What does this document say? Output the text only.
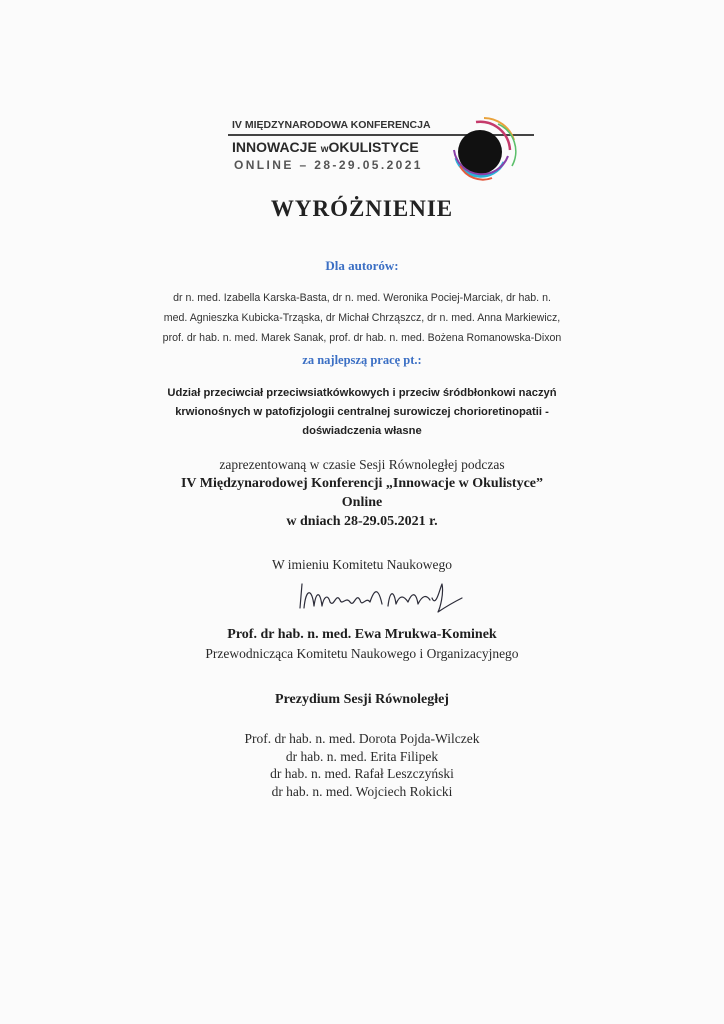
IV MIĘDZYNARODOWA KONFERENCJA
INNOWACJE wOKULISTYCE
ONLINE – 28-29.05.2021
WYRÓŻNIENIE
Dla autorów:
dr n. med. Izabella Karska-Basta, dr n. med. Weronika Pociej-Marciak, dr hab. n.
med. Agnieszka Kubicka-Trząska, dr Michał Chrząszcz, dr n. med. Anna Markiewicz,
prof. dr hab. n. med. Marek Sanak, prof. dr hab. n. med. Bożena Romanowska-Dixon
za najlepszą pracę pt.:
Udział przeciwciał przeciwsiatkówkowych i przeciw śródbłonkowi naczyń
krwionośnych w patofizjologii centralnej surowiczej chorioretinopatii -
doświadczenia własne
zaprezentowaną w czasie Sesji Równoległej podczas
IV Międzynarodowej Konferencji „Innowacje w Okulistyce”
Online
w dniach 28-29.05.2021 r.
W imieniu Komitetu Naukowego
Prof. dr hab. n. med. Ewa Mrukwa-Kominek
Przewodnicząca Komitetu Naukowego i Organizacyjnego
Prezydium Sesji Równoległej
Prof. dr hab. n. med. Dorota Pojda-Wilczek
dr hab. n. med. Erita Filipek
dr hab. n. med. Rafał Leszczyński
dr hab. n. med. Wojciech Rokicki
